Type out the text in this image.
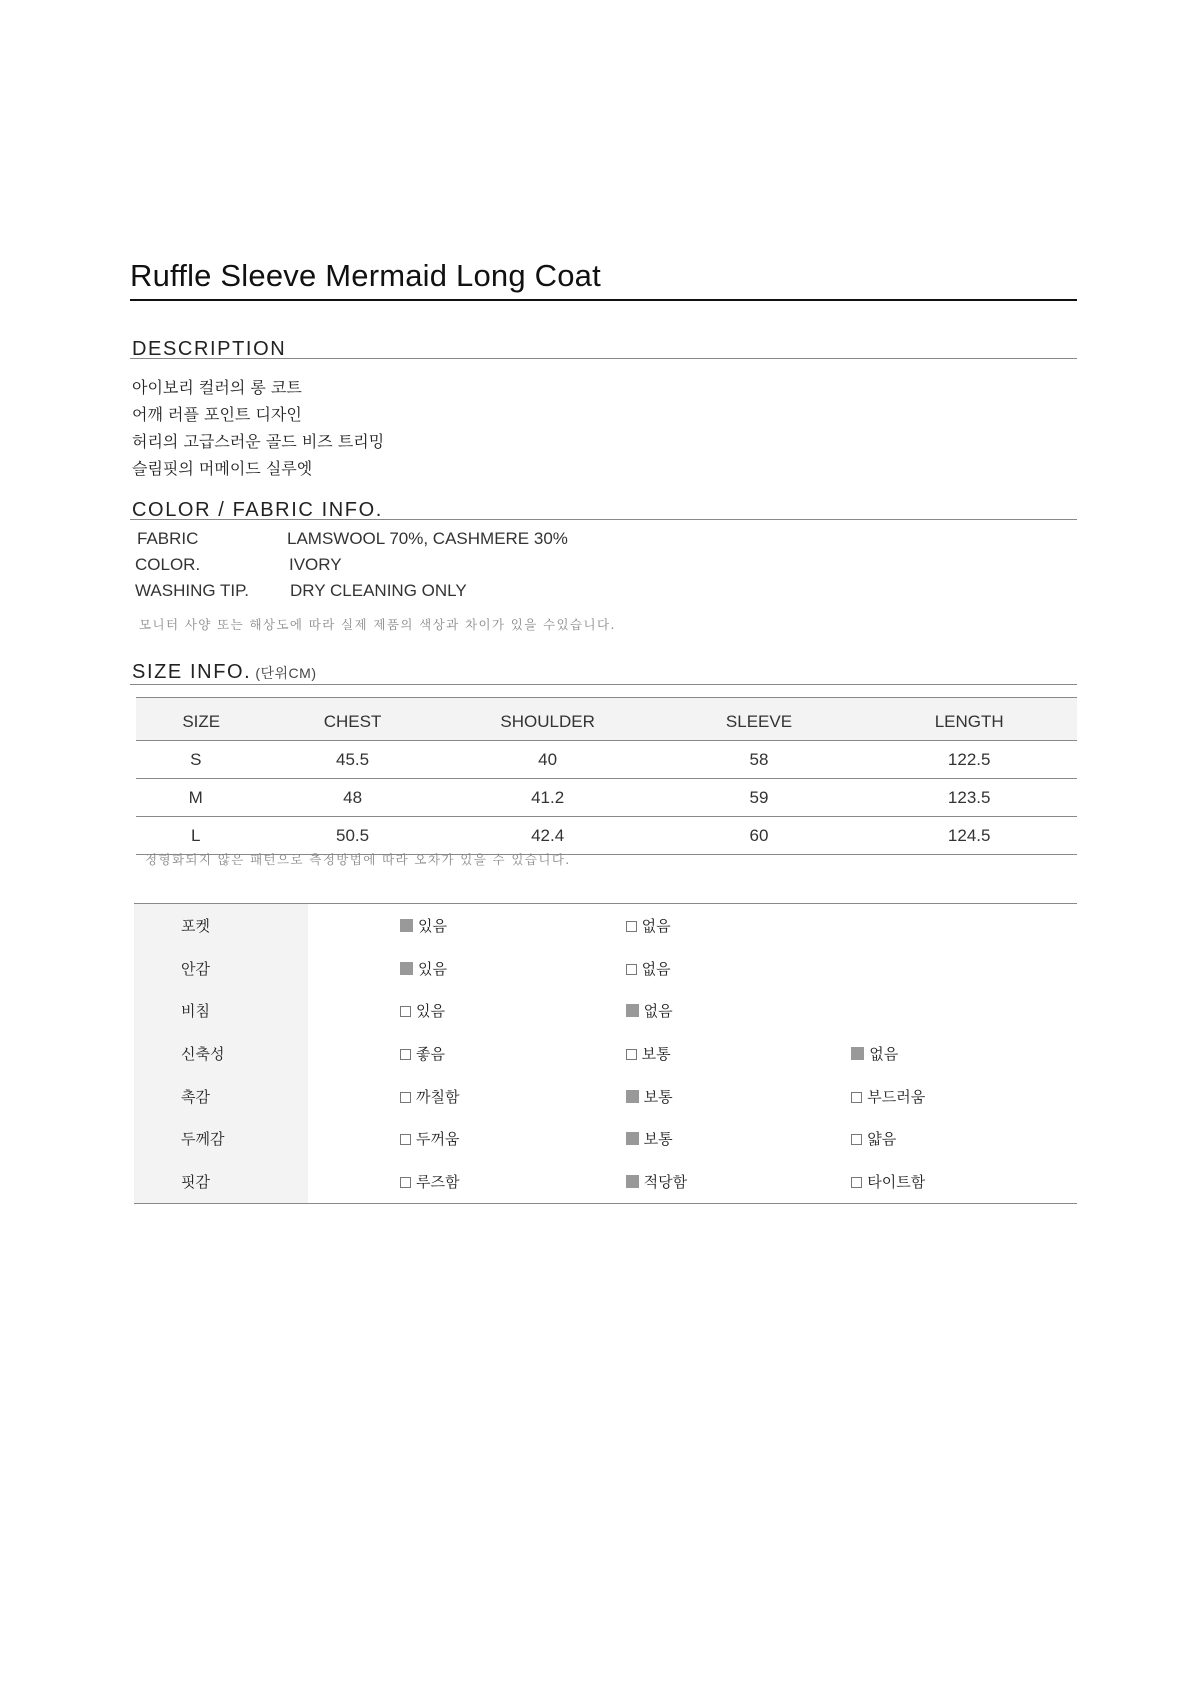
Ruffle Sleeve Mermaid Long Coat
DESCRIPTION
아이보리 컬러의 롱 코트
어깨 러플 포인트 디자인
허리의 고급스러운 골드 비즈 트리밍
슬림핏의 머메이드 실루엣
COLOR / FABRIC INFO.
FABRIC	LAMSWOOL 70%, CASHMERE 30%
COLOR.	IVORY
WASHING TIP. DRY CLEANING ONLY
모니터 사양 또는 해상도에 따라 실제 제품의 색상과 차이가 있을 수있습니다.
SIZE INFO. (단위CM)
SIZE	CHEST	SHOULDER	SLEEVE	LENGTH
S	45.5	40	58	122.5
M	48	41.2	59	123.5
L	50.5	42.4	60	124.5
정형화되지 않은 패턴으로 측정방법에 따라 오차가 있을 수 있습니다.
포켓	있음	없음	
안감	있음	없음	
비침	있음	없음	
신축성	좋음	보통	없음
촉감	까칠함	보통	부드러움
두께감	두꺼움	보통	얇음
핏감	루즈함	적당함	타이트함
